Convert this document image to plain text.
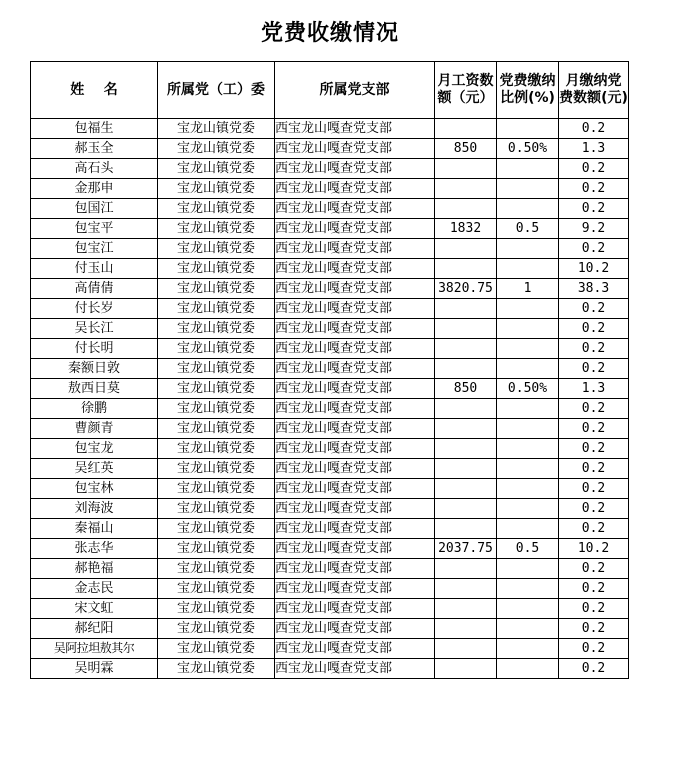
党费收缴情况
姓    名	所属党（工）委	所属党支部	月工资数额（元）	党费缴纳比例(%)	月缴纳党费数额(元)
包福生	宝龙山镇党委	西宝龙山嘎查党支部			0.2
郝玉全	宝龙山镇党委	西宝龙山嘎查党支部	850	0.50%	1.3
高石头	宝龙山镇党委	西宝龙山嘎查党支部			0.2
金那申	宝龙山镇党委	西宝龙山嘎查党支部			0.2
包国江	宝龙山镇党委	西宝龙山嘎查党支部			0.2
包宝平	宝龙山镇党委	西宝龙山嘎查党支部	1832	0.5	9.2
包宝江	宝龙山镇党委	西宝龙山嘎查党支部			0.2
付玉山	宝龙山镇党委	西宝龙山嘎查党支部			10.2
高倩倩	宝龙山镇党委	西宝龙山嘎查党支部	3820.75	1	38.3
付长岁	宝龙山镇党委	西宝龙山嘎查党支部			0.2
吴长江	宝龙山镇党委	西宝龙山嘎查党支部			0.2
付长明	宝龙山镇党委	西宝龙山嘎查党支部			0.2
秦额日敦	宝龙山镇党委	西宝龙山嘎查党支部			0.2
敖西日莫	宝龙山镇党委	西宝龙山嘎查党支部	850	0.50%	1.3
徐鹏	宝龙山镇党委	西宝龙山嘎查党支部			0.2
曹颜青	宝龙山镇党委	西宝龙山嘎查党支部			0.2
包宝龙	宝龙山镇党委	西宝龙山嘎查党支部			0.2
吴红英	宝龙山镇党委	西宝龙山嘎查党支部			0.2
包宝林	宝龙山镇党委	西宝龙山嘎查党支部			0.2
刘海波	宝龙山镇党委	西宝龙山嘎查党支部			0.2
秦福山	宝龙山镇党委	西宝龙山嘎查党支部			0.2
张志华	宝龙山镇党委	西宝龙山嘎查党支部	2037.75	0.5	10.2
郝艳福	宝龙山镇党委	西宝龙山嘎查党支部			0.2
金志民	宝龙山镇党委	西宝龙山嘎查党支部			0.2
宋文虹	宝龙山镇党委	西宝龙山嘎查党支部			0.2
郝纪阳	宝龙山镇党委	西宝龙山嘎查党支部			0.2
吴阿拉坦敖其尔	宝龙山镇党委	西宝龙山嘎查党支部			0.2
吴明霖	宝龙山镇党委	西宝龙山嘎查党支部			0.2
